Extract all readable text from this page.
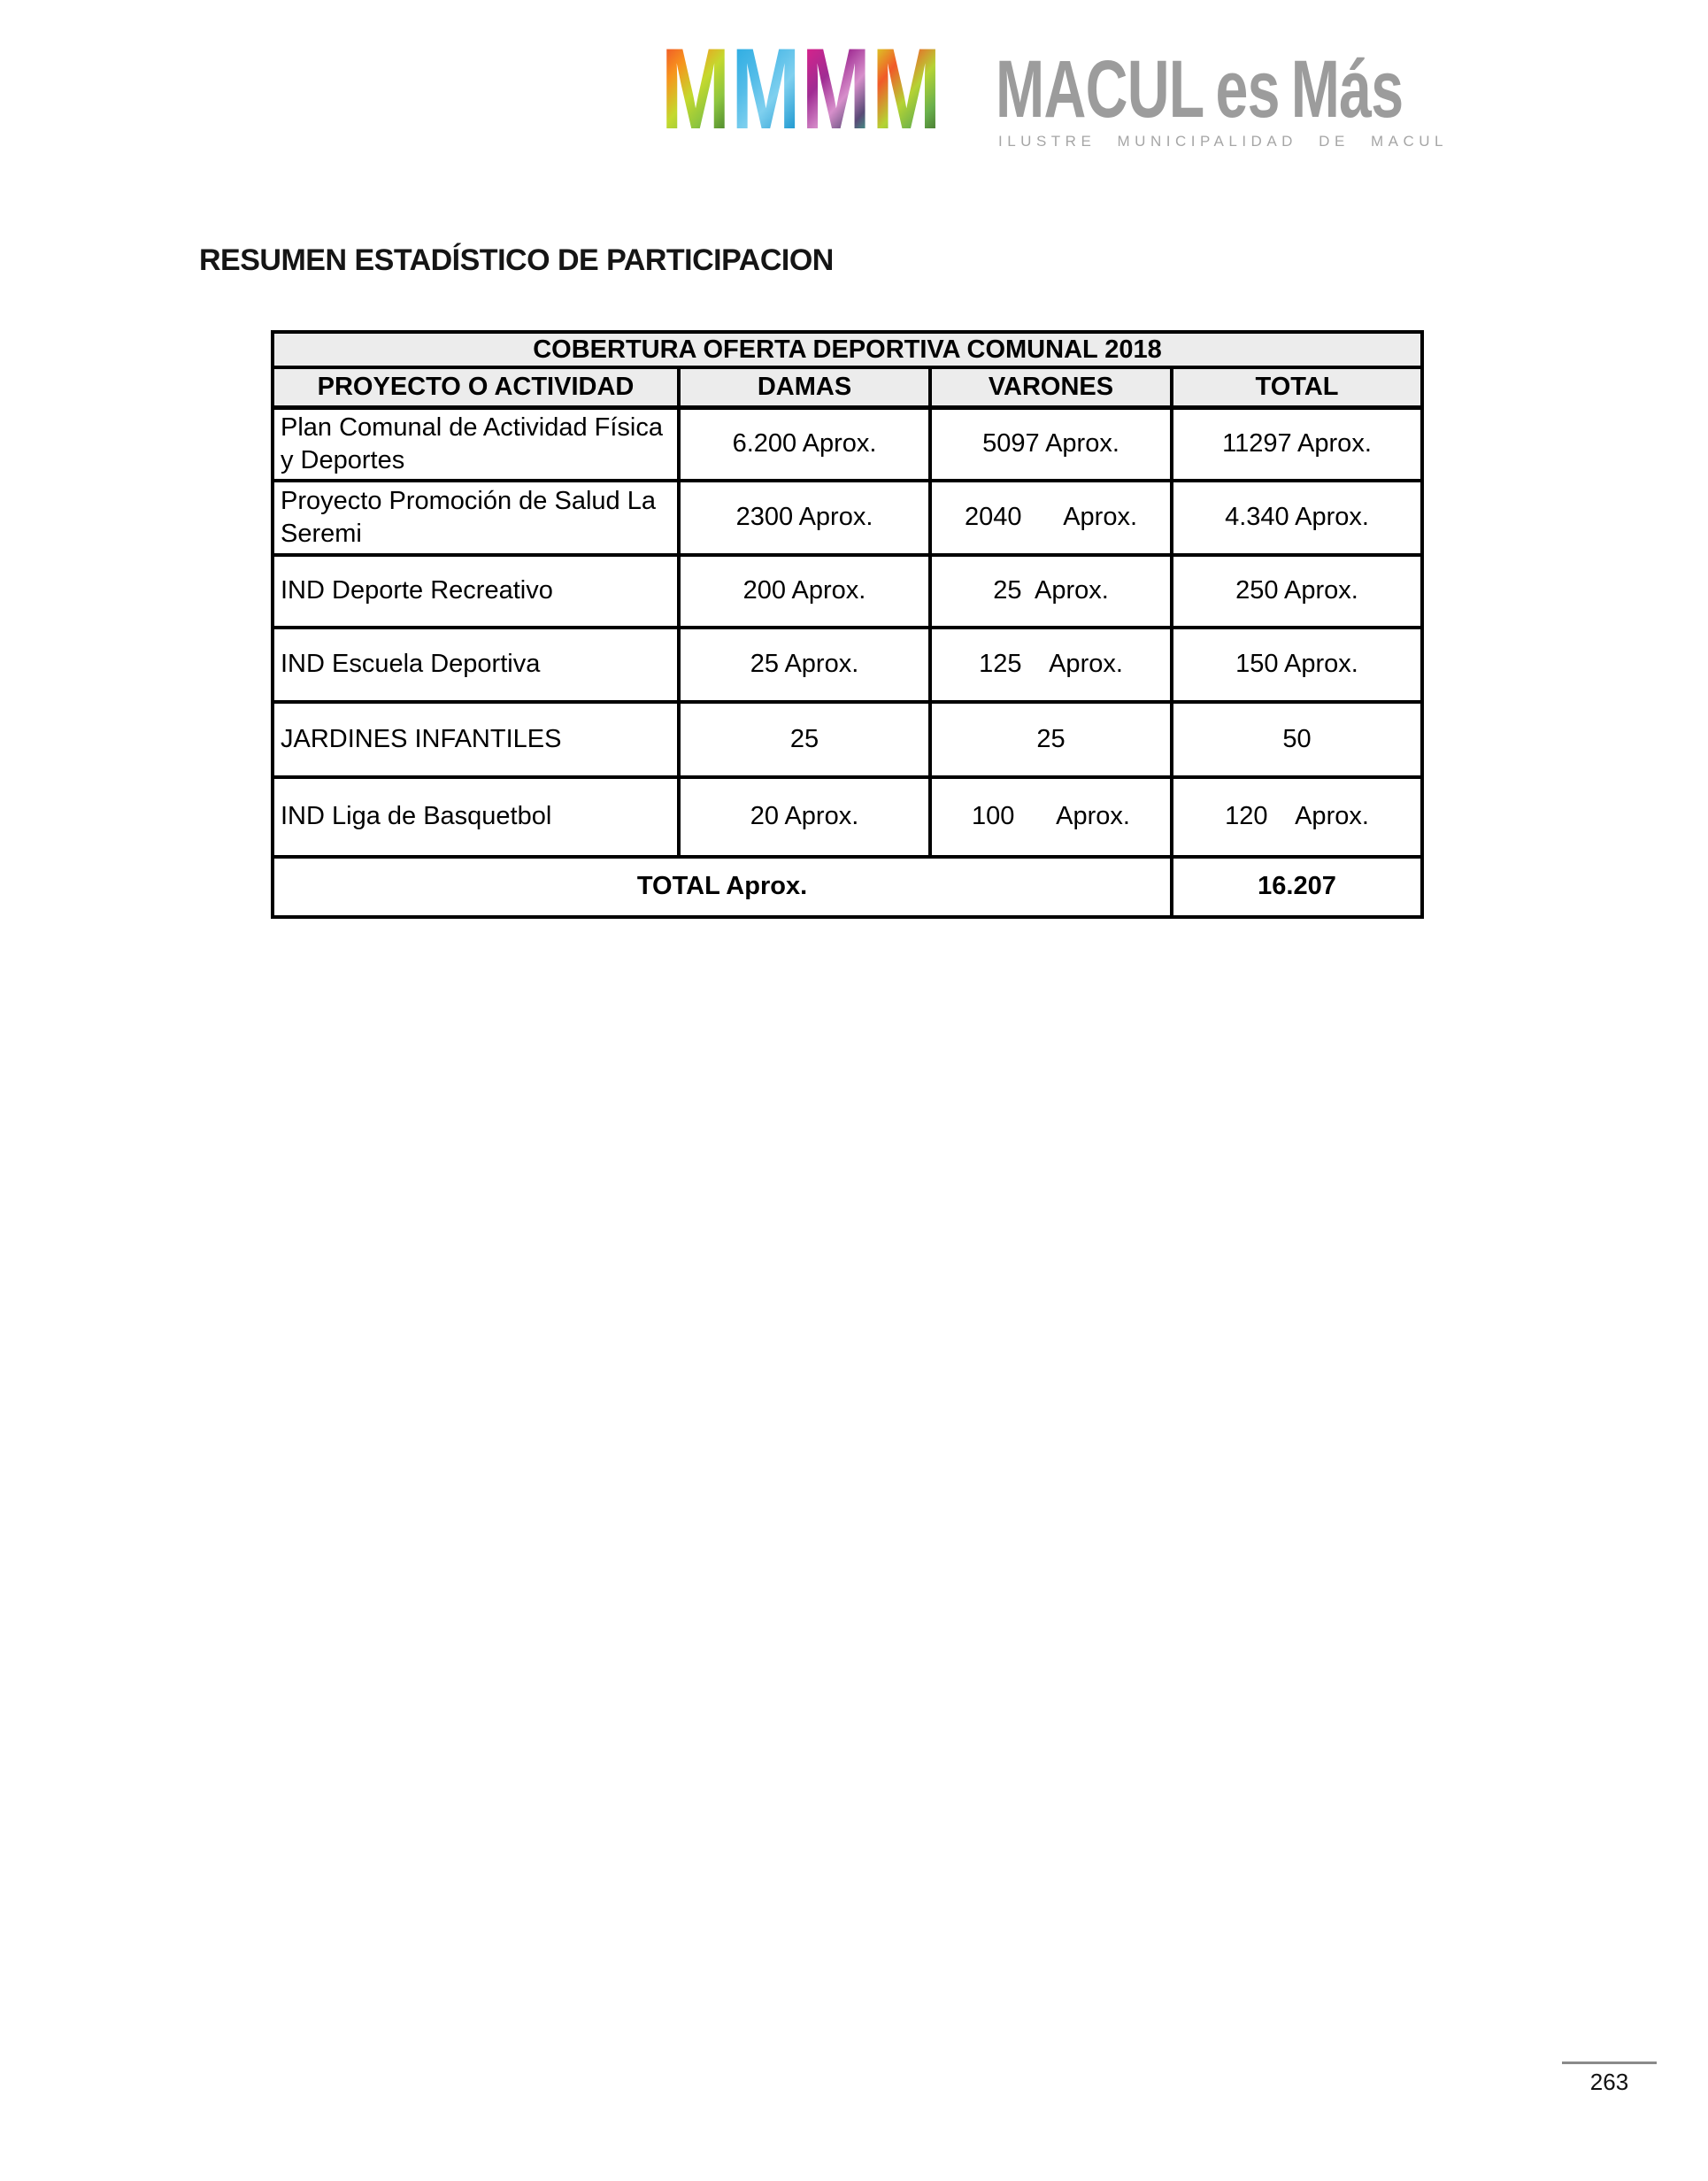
M M M M MACUL es Más
ILUSTRE MUNICIPALIDAD DE MACUL
RESUMEN ESTADÍSTICO DE PARTICIPACION
COBERTURA OFERTA DEPORTIVA COMUNAL 2018			
PROYECTO O ACTIVIDAD	DAMAS	VARONES	TOTAL
Plan Comunal de Actividad Física y Deportes	6.200 Aprox.	5097 Aprox.	11297 Aprox.
Proyecto Promoción de Salud La Seremi	2300 Aprox.	2040      Aprox.	4.340 Aprox.
IND Deporte Recreativo	200 Aprox.	25  Aprox.	250 Aprox.
IND Escuela Deportiva	25 Aprox.	125    Aprox.	150 Aprox.
JARDINES INFANTILES	25	25	50
IND Liga de Basquetbol	20 Aprox.	100      Aprox.	120    Aprox.
TOTAL Aprox.			16.207
263
